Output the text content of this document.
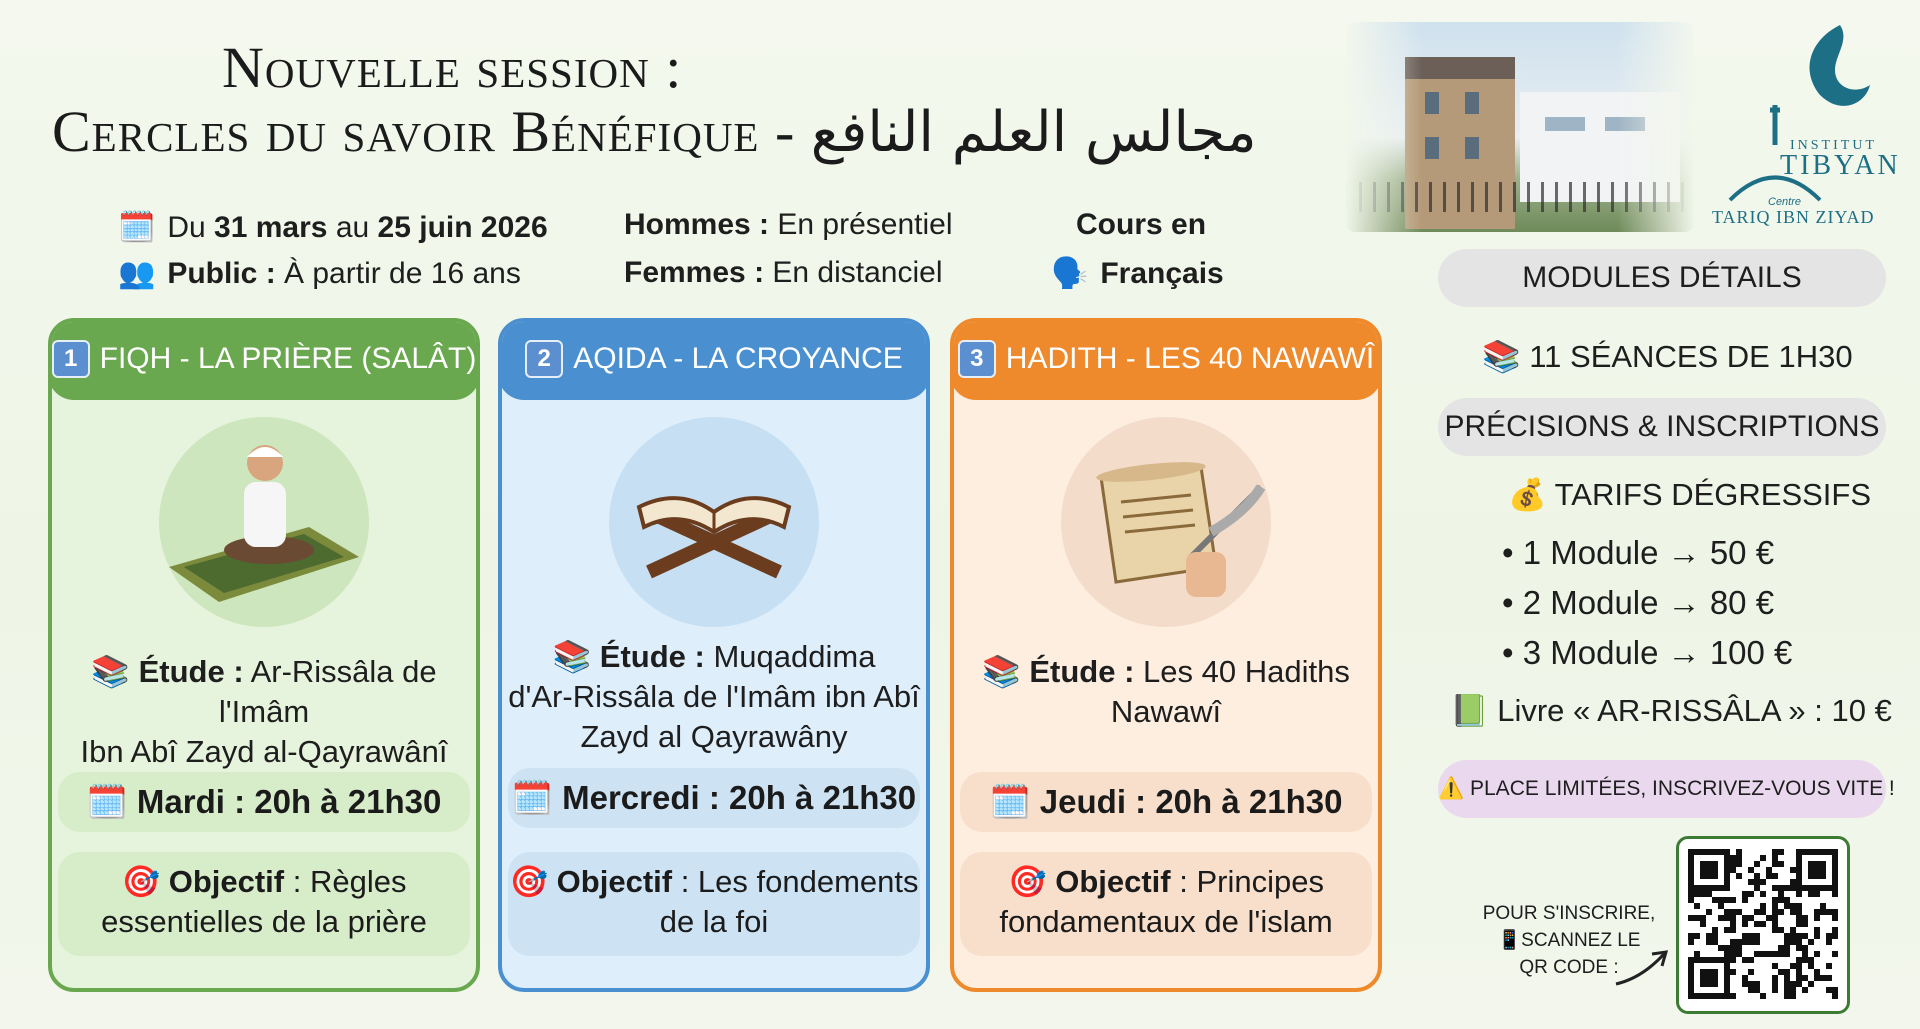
Nouvelle session :
Cercles du savoir Bénéfique - مجالس العلم النافع	INSTITUT
TIBYAN
Centre
TARIQ IBN ZIYAD
🗓️ Du 31 mars au 25 juin 2026
👥 Public : À partir de 16 ans
Hommes : En présentiel
Femmes : En distanciel
Cours en
🗣️ Français
1 FIQH - LA PRIÈRE (SALÂT)
📚 Étude : Ar-Rissâla de l'Imâm
Ibn Abî Zayd al-Qayrawânî
🗓️ Mardi : 20h à 21h30
🎯 Objectif : Règles
essentielles de la prière
2 AQIDA - LA CROYANCE
📚 Étude : Muqaddima
d'Ar-Rissâla de l'Imâm ibn Abî
Zayd al Qayrawâny
🗓️ Mercredi : 20h à 21h30
🎯 Objectif : Les fondements
de la foi
3 HADITH - LES 40 NAWAWÎ
📚 Étude : Les 40 Hadiths
Nawawî
🗓️ Jeudi : 20h à 21h30
🎯 Objectif : Principes
fondamentaux de l'islam
MODULES DÉTAILS
📚 11 SÉANCES DE 1H30
PRÉCISIONS & INSCRIPTIONS
💰 TARIFS DÉGRESSIFS
• 1 Module → 50 €
• 2 Module → 80 €
• 3 Module → 100 €
📗 Livre « AR-RISSÂLA » : 10 €
⚠️ PLACE LIMITÉES, INSCRIVEZ-VOUS VITE !
POUR S'INSCRIRE,
📱SCANNEZ LE
QR CODE :
